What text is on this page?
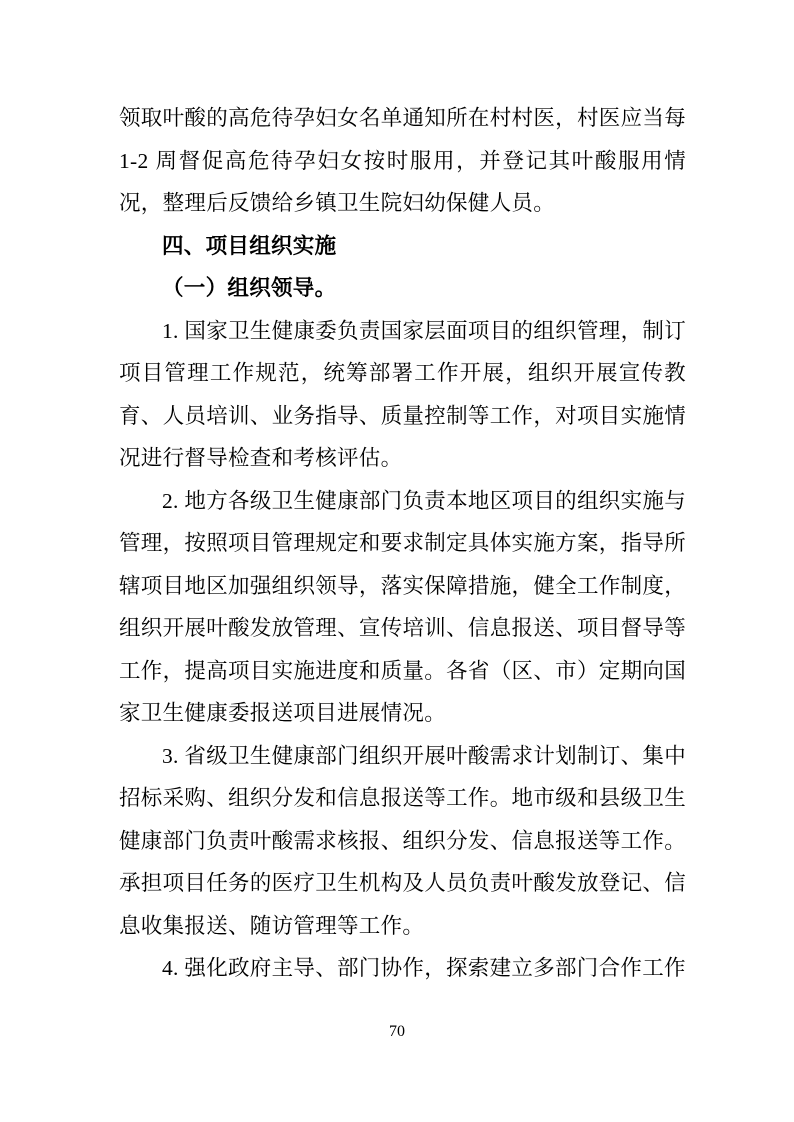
领取叶酸的高危待孕妇女名单通知所在村村医，村医应当每1-2 周督促高危待孕妇女按时服用，并登记其叶酸服用情况，整理后反馈给乡镇卫生院妇幼保健人员。

四、项目组织实施

（一）组织领导。

1. 国家卫生健康委负责国家层面项目的组织管理，制订项目管理工作规范，统筹部署工作开展，组织开展宣传教育、人员培训、业务指导、质量控制等工作，对项目实施情况进行督导检查和考核评估。

2. 地方各级卫生健康部门负责本地区项目的组织实施与管理，按照项目管理规定和要求制定具体实施方案，指导所辖项目地区加强组织领导，落实保障措施，健全工作制度，组织开展叶酸发放管理、宣传培训、信息报送、项目督导等工作，提高项目实施进度和质量。各省（区、市）定期向国家卫生健康委报送项目进展情况。

3. 省级卫生健康部门组织开展叶酸需求计划制订、集中招标采购、组织分发和信息报送等工作。地市级和县级卫生健康部门负责叶酸需求核报、组织分发、信息报送等工作。承担项目任务的医疗卫生机构及人员负责叶酸发放登记、信息收集报送、随访管理等工作。

4. 强化政府主导、部门协作，探索建立多部门合作工作

70
